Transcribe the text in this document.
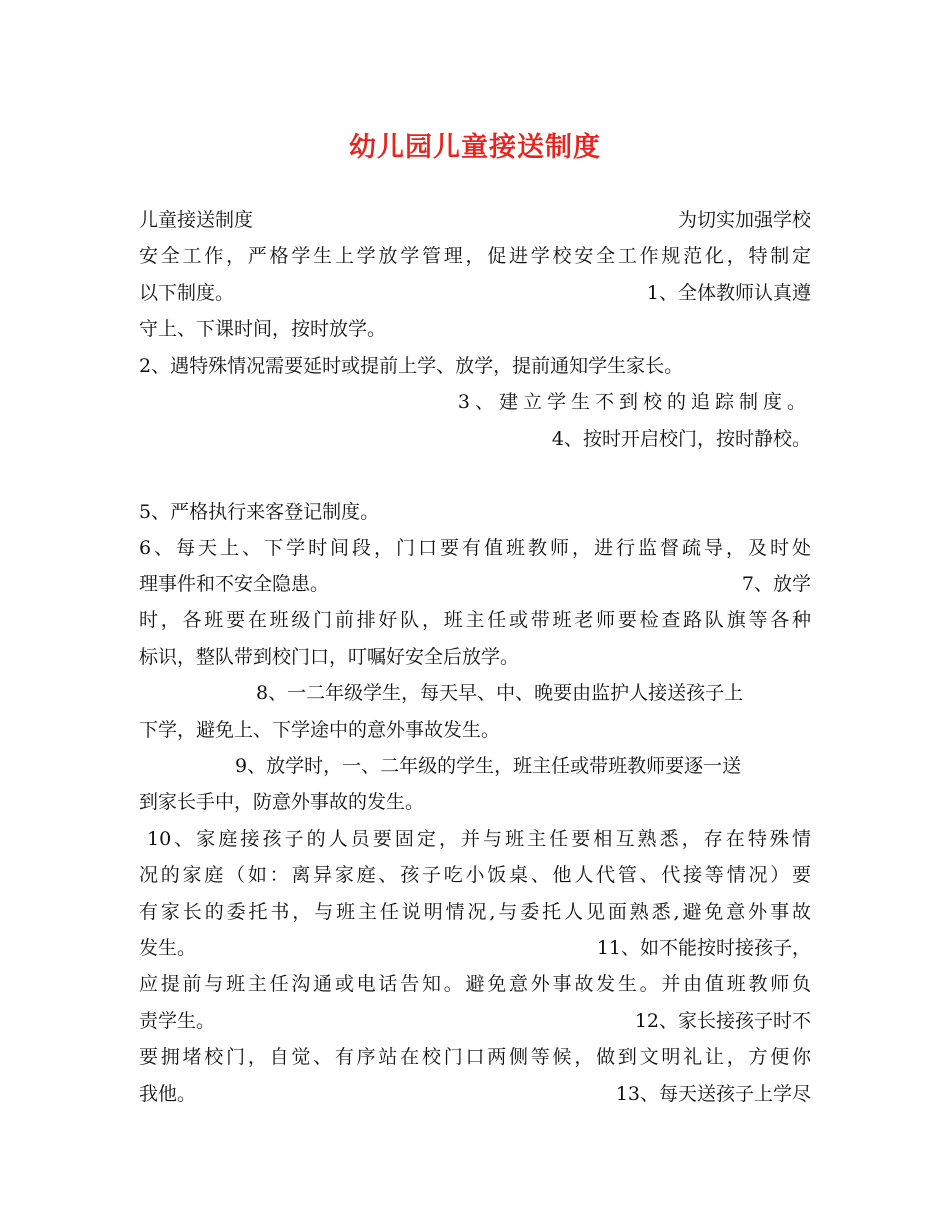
幼儿园儿童接送制度
儿童接送制度	为切实加强学校
安全工作，严格学生上学放学管理，促进学校安全工作规范化，特制定
以下制度。	1、全体教师认真遵
守上、下课时间，按时放学。
2、遇特殊情况需要延时或提前上学、放学，提前通知学生家长。
3、建立学生不到校的追踪制度。
4、按时开启校门，按时静校。
5、严格执行来客登记制度。
6、每天上、下学时间段，门口要有值班教师，进行监督疏导，及时处
理事件和不安全隐患。	7、放学
时，各班要在班级门前排好队，班主任或带班老师要检查路队旗等各种
标识，整队带到校门口，叮嘱好安全后放学。
8、一二年级学生，每天早、中、晚要由监护人接送孩子上
下学，避免上、下学途中的意外事故发生。
9、放学时，一、二年级的学生，班主任或带班教师要逐一送
到家长手中，防意外事故的发生。
10、家庭接孩子的人员要固定，并与班主任要相互熟悉，存在特殊情
况的家庭（如：离异家庭、孩子吃小饭桌、他人代管、代接等情况）要
有家长的委托书，与班主任说明情况,与委托人见面熟悉,避免意外事故
发生。	11、如不能按时接孩子，
应提前与班主任沟通或电话告知。避免意外事故发生。并由值班教师负
责学生。	12、家长接孩子时不
要拥堵校门，自觉、有序站在校门口两侧等候，做到文明礼让，方便你
我他。	13、每天送孩子上学尽
